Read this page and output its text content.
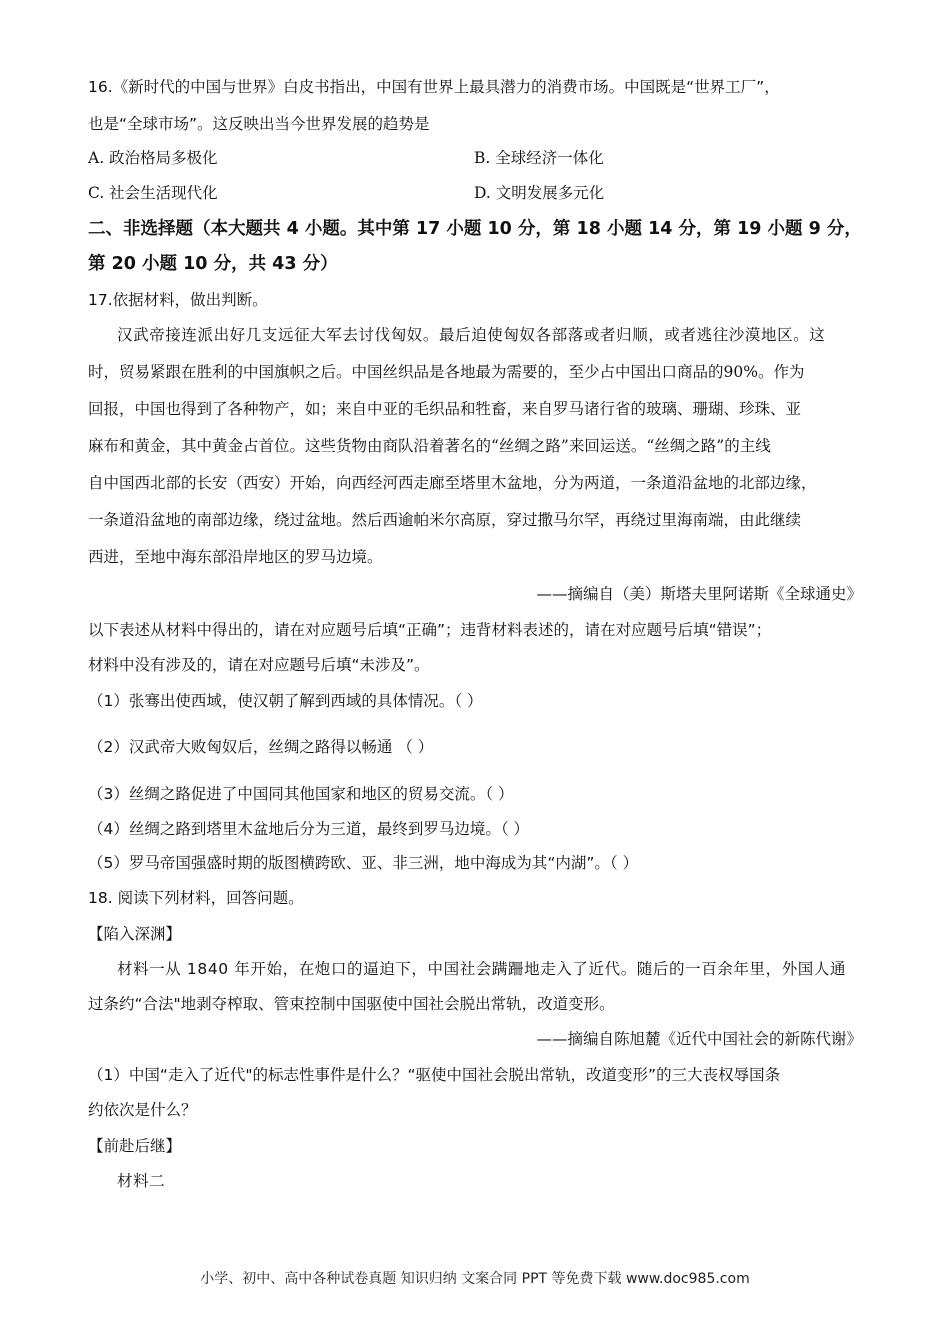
16.《新时代的中国与世界》白皮书指出，中国有世界上最具潜力的消费市场。中国既是“世界工厂”，
也是“全球市场”。这反映出当今世界发展的趋势是
A. 政治格局多极化	B. 全球经济一体化
C. 社会生活现代化	D. 文明发展多元化
二、非选择题（本大题共 4 小题。其中第 17 小题 10 分，第 18 小题 14 分，第 19 小题 9 分，
第 20 小题 10 分，共 43 分）
17.依据材料，做出判断。
汉武帝接连派出好几支远征大军去讨伐匈奴。最后迫使匈奴各部落或者归顺，或者逃往沙漠地区。这
时，贸易紧跟在胜利的中国旗帜之后。中国丝织品是各地最为需要的，至少占中国出口商品的90%。作为
回报，中国也得到了各种物产，如；来自中亚的毛织品和牲畜，来自罗马诸行省的玻璃、珊瑚、珍珠、亚
麻布和黄金，其中黄金占首位。这些货物由商队沿着著名的“丝绸之路”来回运送。“丝绸之路”的主线
自中国西北部的长安（西安）开始，向西经河西走廊至塔里木盆地，分为两道，一条道沿盆地的北部边缘，
一条道沿盆地的南部边缘，绕过盆地。然后西逾帕米尔高原，穿过撒马尔罕，再绕过里海南端，由此继续
西进，至地中海东部沿岸地区的罗马边境。
——摘编自（美）斯塔夫里阿诺斯《全球通史》
以下表述从材料中得出的，请在对应题号后填“正确”；违背材料表述的，请在对应题号后填“错误”；
材料中没有涉及的，请在对应题号后填“未涉及”。
（1）张骞出使西域，使汉朝了解到西域的具体情况。（ ）
（2）汉武帝大败匈奴后，丝绸之路得以畅通 （ ）
（3）丝绸之路促进了中国同其他国家和地区的贸易交流。（ ）
（4）丝绸之路到塔里木盆地后分为三道，最终到罗马边境。（ ）
（5）罗马帝国强盛时期的版图横跨欧、亚、非三洲，地中海成为其“内湖”。（ ）
18. 阅读下列材料，回答问题。
【陷入深渊】
材料一从 1840 年开始，在炮口的逼迫下，中国社会蹒跚地走入了近代。随后的一百余年里，外国人通
过条约“合法"地剥夺榨取、管束控制中国驱使中国社会脱出常轨，改道变形。
——摘编自陈旭麓《近代中国社会的新陈代谢》
（1）中国“走入了近代"的标志性事件是什么？“驱使中国社会脱出常轨，改道变形”的三大丧权辱国条
约依次是什么？
【前赴后继】
材料二
小学、初中、高中各种试卷真题 知识归纳 文案合同 PPT 等免费下载 www.doc985.com
